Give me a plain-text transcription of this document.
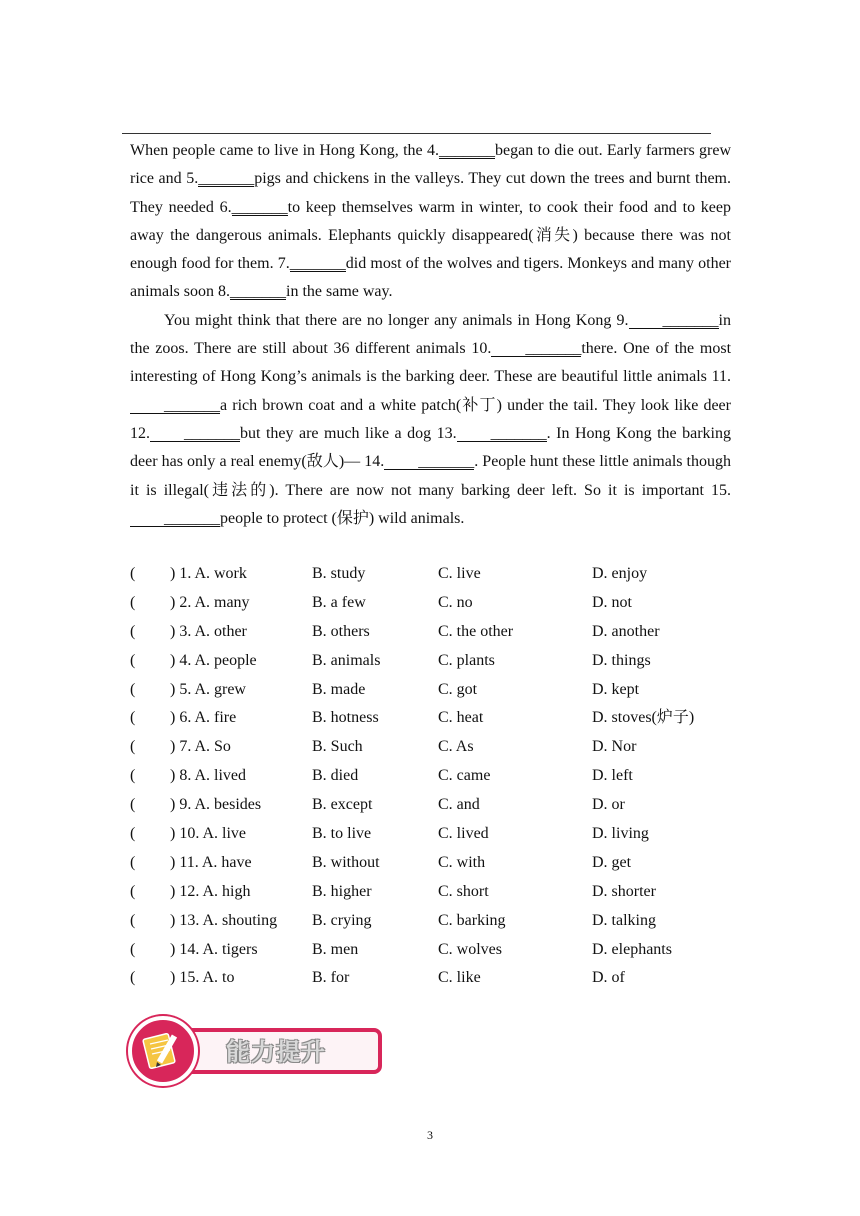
When people came to live in Hong Kong, the 4._______began to die out. Early farmers grew rice and 5._______pigs and chickens in the valleys. They cut down the trees and burnt them. They needed 6._______to keep themselves warm in winter, to cook their food and to keep away the dangerous animals. Elephants quickly disappeared(消失) because there was not enough food for them. 7._______did most of the wolves and tigers. Monkeys and many other animals soon 8._______in the same way.

You might think that there are no longer any animals in Hong Kong 9. _______in the zoos. There are still about 36 different animals 10. _______there. One of the most interesting of Hong Kong’s animals is the barking deer. These are beautiful little animals 11._______a rich brown coat and a white patch(补丁) under the tail. They look like deer 12. _______but they are much like a dog 13. _______. In Hong Kong the barking deer has only a real enemy(敌人)— 14. _______. People hunt these little animals though it is illegal(违法的). There are now not many barking deer left. So it is important 15._______people to protect (保护) wild animals.

( ) 1. A. work	B. study	C. live	D. enjoy
( ) 2. A. many	B. a few	C. no	D. not
( ) 3. A. other	B. others	C. the other	D. another
( ) 4. A. people	B. animals	C. plants	D. things
( ) 5. A. grew	B. made	C. got	D. kept
( ) 6. A. fire	B. hotness	C. heat	D. stoves(炉子)
( ) 7. A. So	B. Such	C. As	D. Nor
( ) 8. A. lived	B. died	C. came	D. left
( ) 9. A. besides	B. except	C. and	D. or
( ) 10. A. live	B. to live	C. lived	D. living
( ) 11. A. have	B. without	C. with	D. get
( ) 12. A. high	B. higher	C. short	D. shorter
( ) 13. A. shouting B. crying	C. barking	D. talking
( ) 14. A. tigers	B. men	C. wolves	D. elephants
( ) 15. A. to	B. for	C. like	D. of
能力提升
3
